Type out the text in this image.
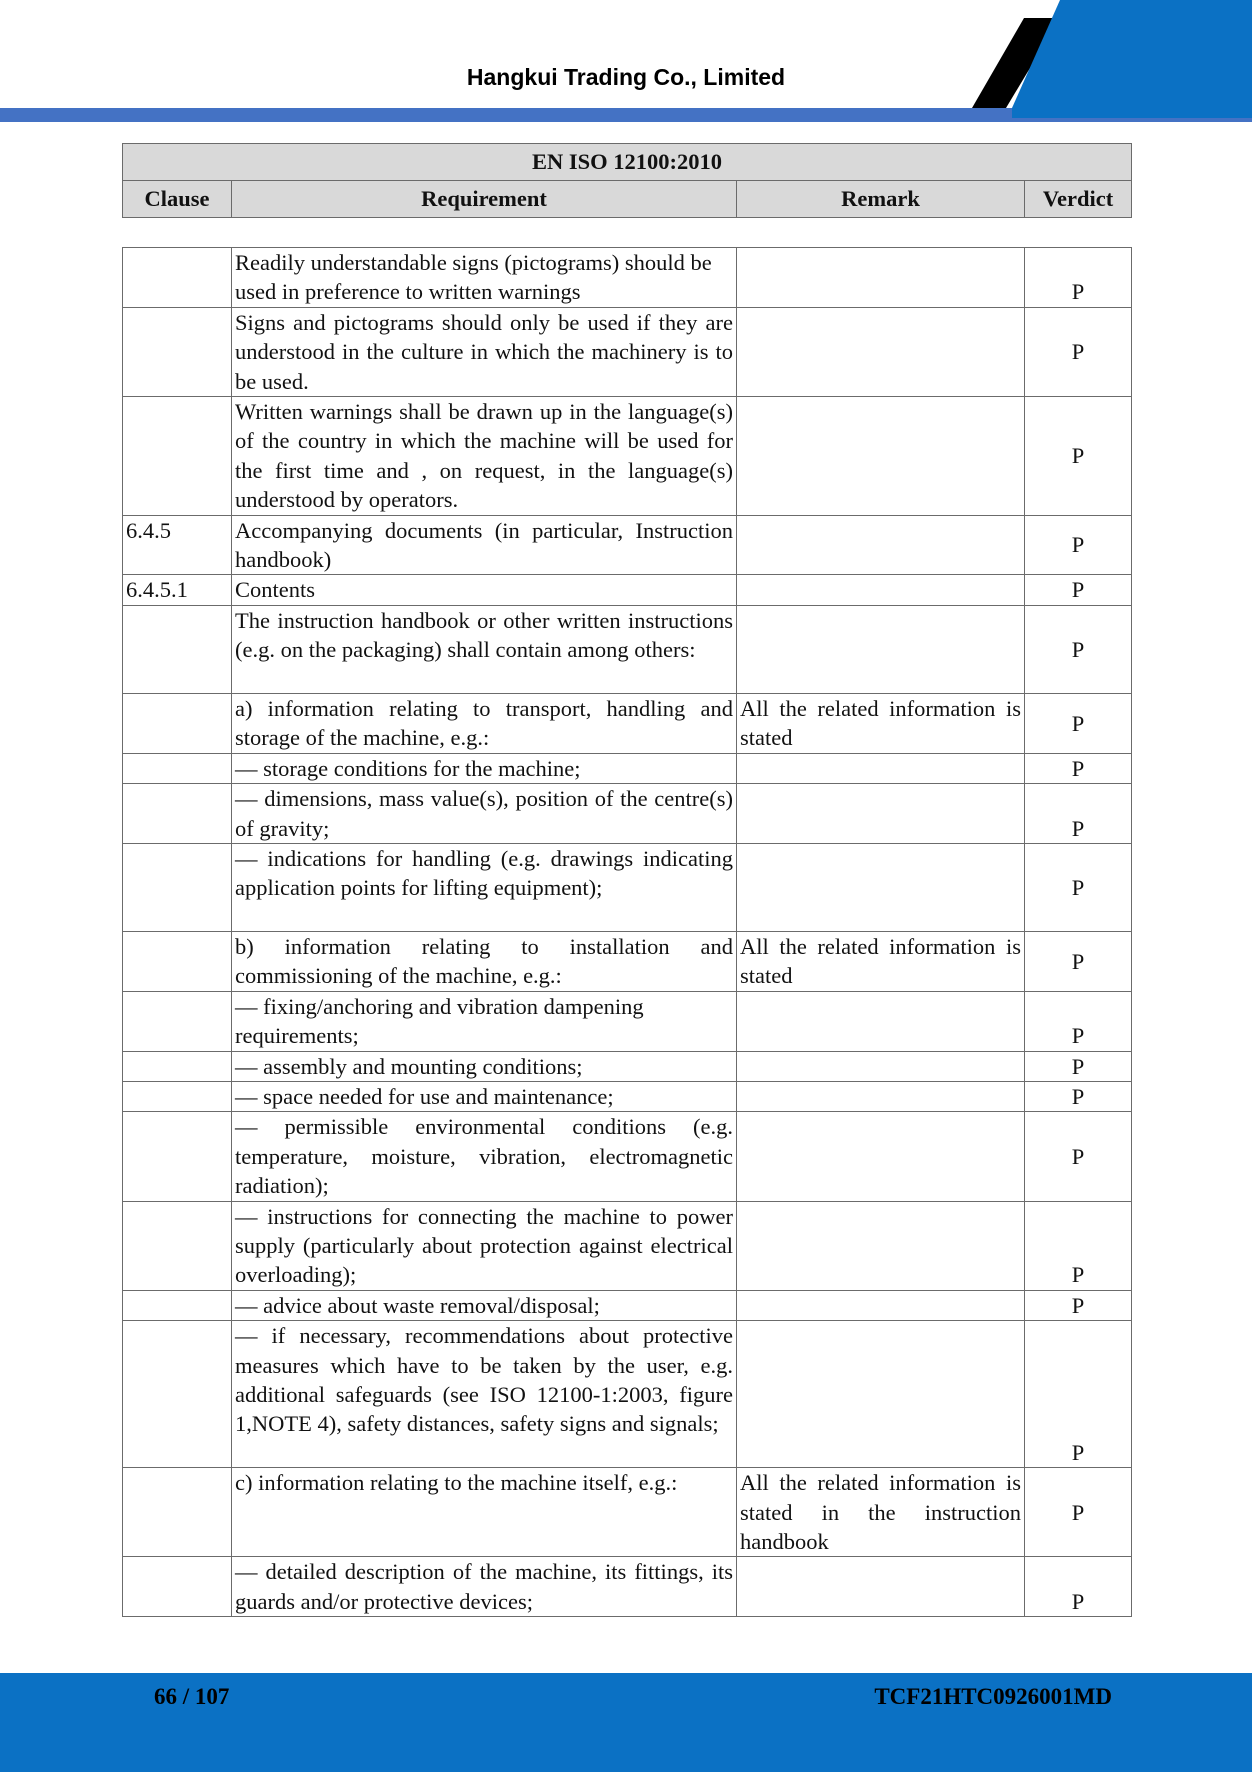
Hangkui Trading Co., Limited
EN ISO 12100:2010
Clause	Requirement	Remark	Verdict
	Readily understandable signs (pictograms) should be used in preference to written warnings		P
	Signs and pictograms should only be used if they are understood in the culture in which the machinery is to be used.		P
	Written warnings shall be drawn up in the language(s) of the country in which the machine will be used for the first time and , on request, in the language(s) understood by operators.		P
6.4.5	Accompanying documents (in particular, Instruction handbook)		P
6.4.5.1	Contents		P
	The instruction handbook or other written instructions (e.g. on the packaging) shall contain among others:		P
	a) information relating to transport, handling and storage of the machine, e.g.:	All the related information is stated	P
	— storage conditions for the machine;		P
	— dimensions, mass value(s), position of the centre(s) of gravity;		P
	— indications for handling (e.g. drawings indicating application points for lifting equipment);		P
	b) information relating to installation and commissioning of the machine, e.g.:	All the related information is stated	P
	— fixing/anchoring and vibration dampening requirements;		P
	— assembly and mounting conditions;		P
	— space needed for use and maintenance;		P
	— permissible environmental conditions (e.g. temperature, moisture, vibration, electromagnetic radiation);		P
	— instructions for connecting the machine to power supply (particularly about protection against electrical overloading);		P
	— advice about waste removal/disposal;		P
	— if necessary, recommendations about protective measures which have to be taken by the user, e.g. additional safeguards (see ISO 12100-1:2003, figure 1,NOTE 4), safety distances, safety signs and signals;		P
	c) information relating to the machine itself, e.g.:	All the related information is stated in the instruction handbook	P
	— detailed description of the machine, its fittings, its guards and/or protective devices;		P
66 / 107	TCF21HTC0926001MD
